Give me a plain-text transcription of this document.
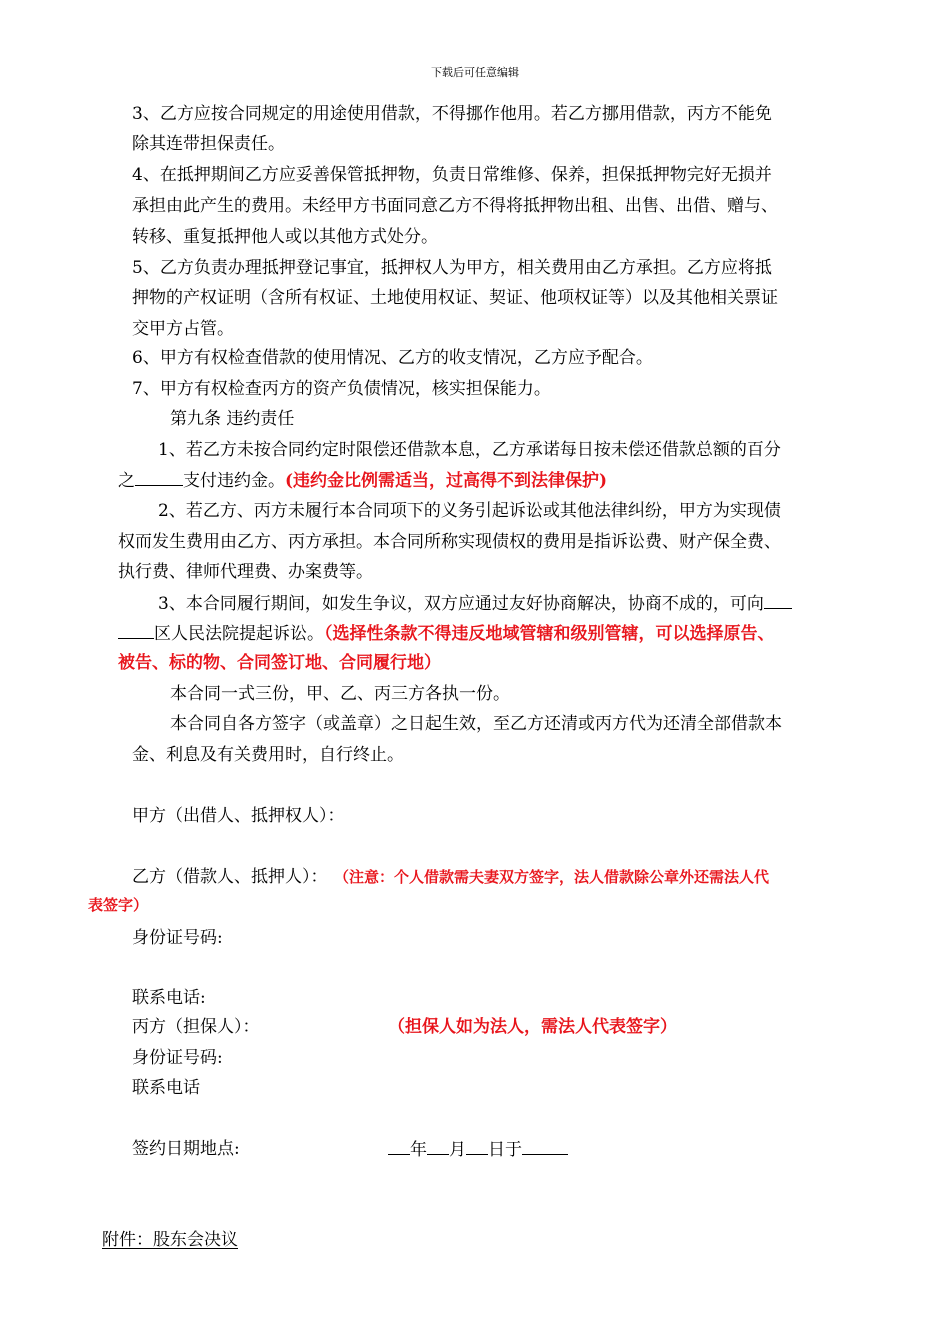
下载后可任意编辑
3、乙方应按合同规定的用途使用借款，不得挪作他用。若乙方挪用借款，丙方不能免
除其连带担保责任。
4、在抵押期间乙方应妥善保管抵押物，负责日常维修、保养，担保抵押物完好无损并
承担由此产生的费用。未经甲方书面同意乙方不得将抵押物出租、出售、出借、赠与、
转移、重复抵押他人或以其他方式处分。
5、乙方负责办理抵押登记事宜，抵押权人为甲方，相关费用由乙方承担。乙方应将抵
押物的产权证明（含所有权证、土地使用权证、契证、他项权证等）以及其他相关票证
交甲方占管。
6、甲方有权检查借款的使用情况、乙方的收支情况，乙方应予配合。
7、甲方有权检查丙方的资产负债情况，核实担保能力。
第九条 违约责任
1、若乙方未按合同约定时限偿还借款本息，乙方承诺每日按未偿还借款总额的百分
之	支付违约金。(违约金比例需适当，过高得不到法律保护)
2、若乙方、丙方未履行本合同项下的义务引起诉讼或其他法律纠纷，甲方为实现债
权而发生费用由乙方、丙方承担。本合同所称实现债权的费用是指诉讼费、财产保全费、
执行费、律师代理费、办案费等。
3、本合同履行期间，如发生争议，双方应通过友好协商解决，协商不成的，可向
区人民法院提起诉讼。（选择性条款不得违反地域管辖和级别管辖，可以选择原告、
被告、标的物、合同签订地、合同履行地）
本合同一式三份，甲、乙、丙三方各执一份。
本合同自各方签字（或盖章）之日起生效，至乙方还清或丙方代为还清全部借款本
金、利息及有关费用时，自行终止。
甲方（出借人、抵押权人）：
乙方（借款人、抵押人）： （注意：个人借款需夫妻双方签字，法人借款除公章外还需法人代
表签字）
身份证号码:
联系电话:
丙方（担保人）：	（担保人如为法人，需法人代表签字）
身份证号码:
联系电话
签约日期地点:	年 月 日于
附件：股东会决议
